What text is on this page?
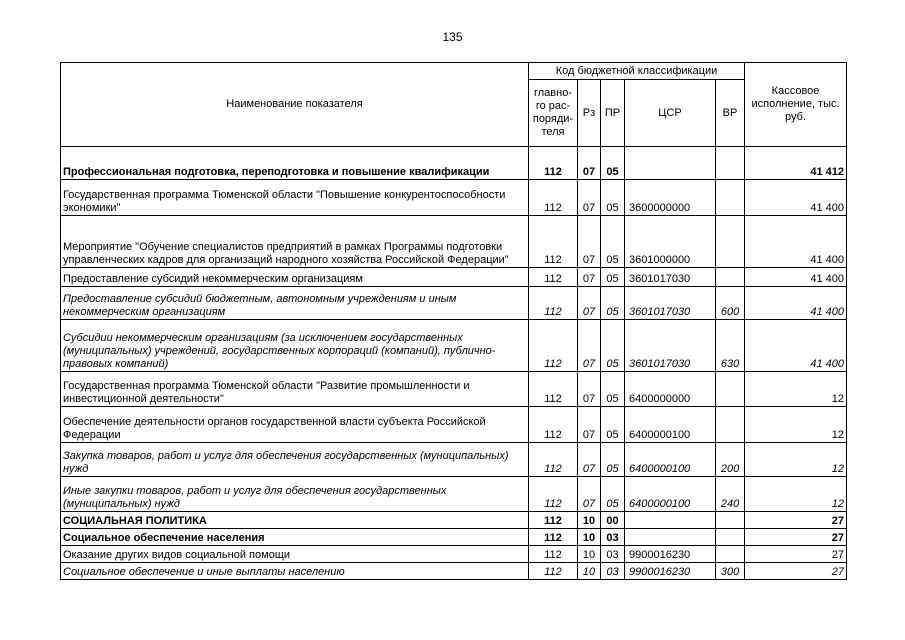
135
Наименование показателя	Код бюджетной классификации					Кассовое исполнение, тыс. руб.
	главно-го рас-поряди-теля	Рз	ПР	ЦСР	ВР	
Профессиональная подготовка, переподготовка и повышение квалификации	112	07	05			41 412
Государственная программа Тюменской области "Повышение конкурентоспособности экономики"	112	07	05	3600000000		41 400
Мероприятие "Обучение специалистов предприятий в рамках Программы подготовки управленческих кадров для организаций народного хозяйства Российской Федерации"	112	07	05	3601000000		41 400
Предоставление субсидий некоммерческим организациям	112	07	05	3601017030		41 400
Предоставление субсидий бюджетным, автономным учреждениям и иным некоммерческим организациям	112	07	05	3601017030	600	41 400
Субсидии некоммерческим организациям (за исключением государственных (муниципальных) учреждений, государственных корпораций (компаний), публично-правовых компаний)	112	07	05	3601017030	630	41 400
Государственная программа Тюменской области "Развитие промышленности и инвестиционной деятельности"	112	07	05	6400000000		12
Обеспечение деятельности органов государственной власти субъекта Российской Федерации	112	07	05	6400000100		12
Закупка товаров, работ и услуг для обеспечения государственных (муниципальных) нужд	112	07	05	6400000100	200	12
Иные закупки товаров, работ и услуг для обеспечения государственных (муниципальных) нужд	112	07	05	6400000100	240	12
СОЦИАЛЬНАЯ ПОЛИТИКА	112	10	00			27
Социальное обеспечение населения	112	10	03			27
Оказание других видов социальной помощи	112	10	03	9900016230		27
Социальное обеспечение и иные выплаты населению	112	10	03	9900016230	300	27
